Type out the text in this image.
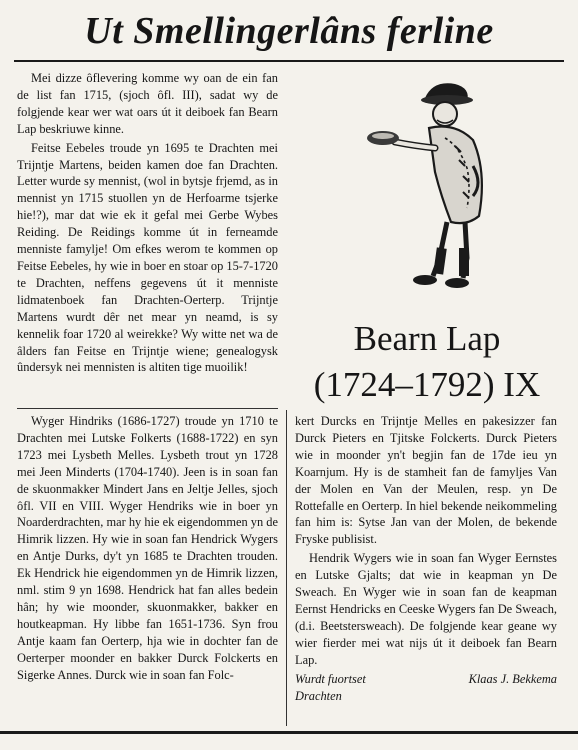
Ut Smellingerlâns ferline

Mei dizze ôflevering komme wy oan de ein fan de list fan 1715, (sjoch ôfl. III), sadat wy de folgjende kear wer wat oars út it deiboek fan Bearn Lap beskriuwe kinne.

Feitse Eebeles troude yn 1695 te Drachten mei Trijntje Martens, beiden kamen doe fan Drachten. Letter wurde sy mennist, (wol in bytsje frjemd, as in mennist yn 1715 stuollen yn de Herfoarme tsjerke hie!?), mar dat wie ek it gefal mei Gerbe Wybes Reiding. De Reidings komme út in ferneamde menniste famylje! Om efkes werom te kommen op Feitse Eebeles, hy wie in boer en stoar op 15-7-1720 te Drachten, neffens gegevens út it menniste lidmatenboek fan Drachten-Oerterp. Trijntje Martens wurdt dêr net mear yn neamd, is sy kennelik foar 1720 al weirekke? Wy witte net wa de âlders fan Feitse en Trijntje wiene; genealogysk ûndersyk nei mennisten is altiten tige muoilik!

Bearn Lap
(1724–1792) IX

Wyger Hindriks (1686-1727) troude yn 1710 te Drachten mei Lutske Folkerts (1688-1722) en syn 1723 mei Lysbeth Melles. Lysbeth trout yn 1728 mei Jeen Minderts (1704-1740). Jeen is in soan fan de skuonmakker Mindert Jans en Jeltje Jelles, sjoch ôfl. VII en VIII. Wyger Hendriks wie in boer yn Noarderdrachten, mar hy hie ek eigendommen yn de Himrik lizzen. Hy wie in soan fan Hendrick Wygers en Antje Durks, dy't yn 1685 te Drachten trouden. Ek Hendrick hie eigendommen yn de Himrik lizzen, nml. stim 9 yn 1698. Hendrick hat fan alles bedein hân; hy wie moonder, skuonmakker, bakker en houtkeapman. Hy libbe fan 1651-1736. Syn frou Antje kaam fan Oerterp, hja wie in dochter fan de Oerterper moonder en bakker Durck Folckerts en Sigerke Annes. Durck wie in soan fan Folc-

kert Durcks en Trijntje Melles en pakesizzer fan Durck Pieters en Tjitske Folckerts. Durck Pieters wie in moonder yn't begjin fan de 17de ieu yn Koarnjum. Hy is de stamheit fan de famyljes Van der Molen en Van der Meulen, resp. yn De Rottefalle en Oerterp. In hiel bekende neikommeling fan him is: Sytse Jan van der Molen, de bekende Fryske publisist.

Hendrik Wygers wie in soan fan Wyger Eernstes en Lutske Gjalts; dat wie in keapman yn De Sweach. En Wyger wie in soan fan de keapman Eernst Hendricks en Ceeske Wygers fan De Sweach, (d.i. Beetstersweach). De folgjende kear geane wy wier fierder mei wat nijs út it deiboek fan Bearn Lap.

Wurdt fuortset	Klaas J. Bekkema
Drachten
